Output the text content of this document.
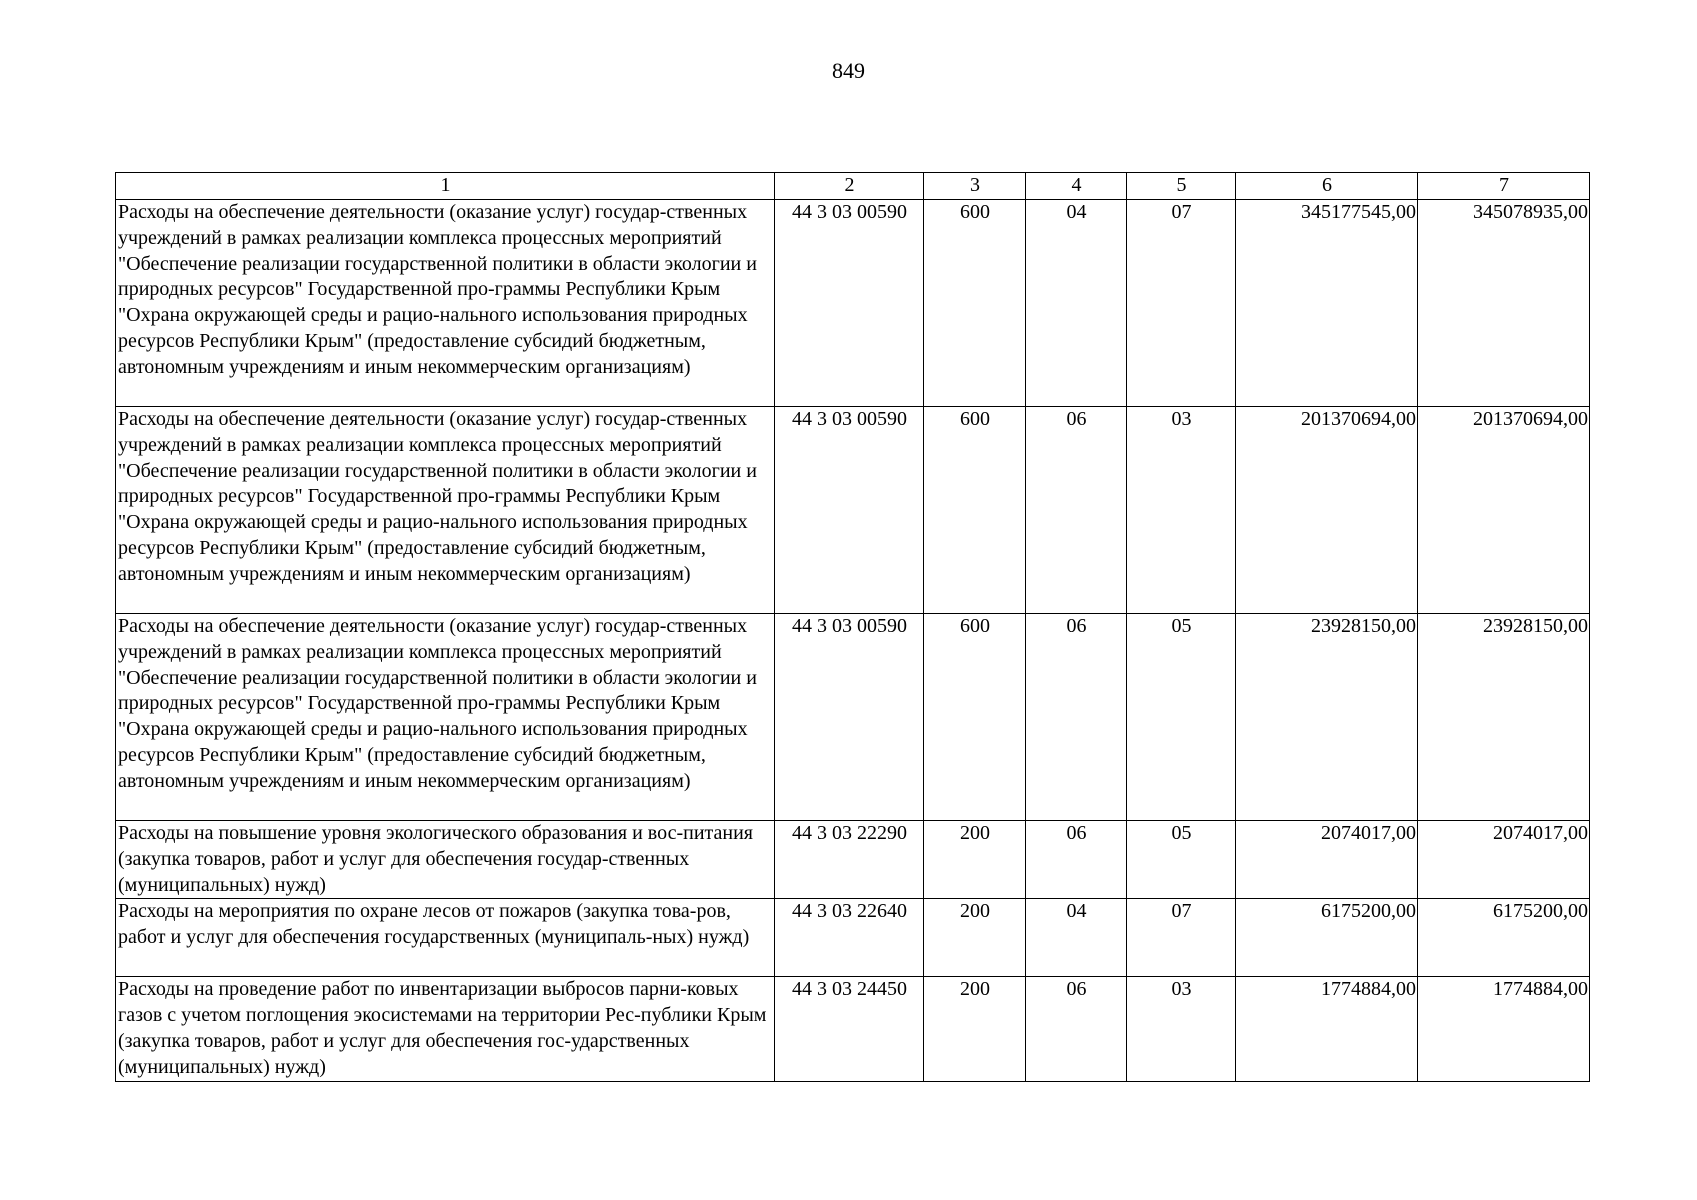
849
1	2	3	4	5	6	7
Расходы на обеспечение деятельности (оказание услуг) государ-ственных учреждений в рамках реализации комплекса процессных мероприятий "Обеспечение реализации государственной политики в области экологии и природных ресурсов" Государственной про-граммы Республики Крым "Охрана окружающей среды и рацио-нального использования природных ресурсов Республики Крым" (предоставление субсидий бюджетным, автономным учреждениям и иным некоммерческим организациям)	44 3 03 00590	600	04	07	345177545,00	345078935,00
Расходы на обеспечение деятельности (оказание услуг) государ-ственных учреждений в рамках реализации комплекса процессных мероприятий "Обеспечение реализации государственной политики в области экологии и природных ресурсов" Государственной про-граммы Республики Крым "Охрана окружающей среды и рацио-нального использования природных ресурсов Республики Крым" (предоставление субсидий бюджетным, автономным учреждениям и иным некоммерческим организациям)	44 3 03 00590	600	06	03	201370694,00	201370694,00
Расходы на обеспечение деятельности (оказание услуг) государ-ственных учреждений в рамках реализации комплекса процессных мероприятий "Обеспечение реализации государственной политики в области экологии и природных ресурсов" Государственной про-граммы Республики Крым "Охрана окружающей среды и рацио-нального использования природных ресурсов Республики Крым" (предоставление субсидий бюджетным, автономным учреждениям и иным некоммерческим организациям)	44 3 03 00590	600	06	05	23928150,00	23928150,00
Расходы на повышение уровня экологического образования и вос-питания (закупка товаров, работ и услуг для обеспечения государ-ственных (муниципальных) нужд)	44 3 03 22290	200	06	05	2074017,00	2074017,00
Расходы на мероприятия по охране лесов от пожаров (закупка това-ров, работ и услуг для обеспечения государственных (муниципаль-ных) нужд)	44 3 03 22640	200	04	07	6175200,00	6175200,00
Расходы на проведение работ по инвентаризации выбросов парни-ковых газов с учетом поглощения экосистемами на территории Рес-публики Крым (закупка товаров, работ и услуг для обеспечения гос-ударственных (муниципальных) нужд)	44 3 03 24450	200	06	03	1774884,00	1774884,00
